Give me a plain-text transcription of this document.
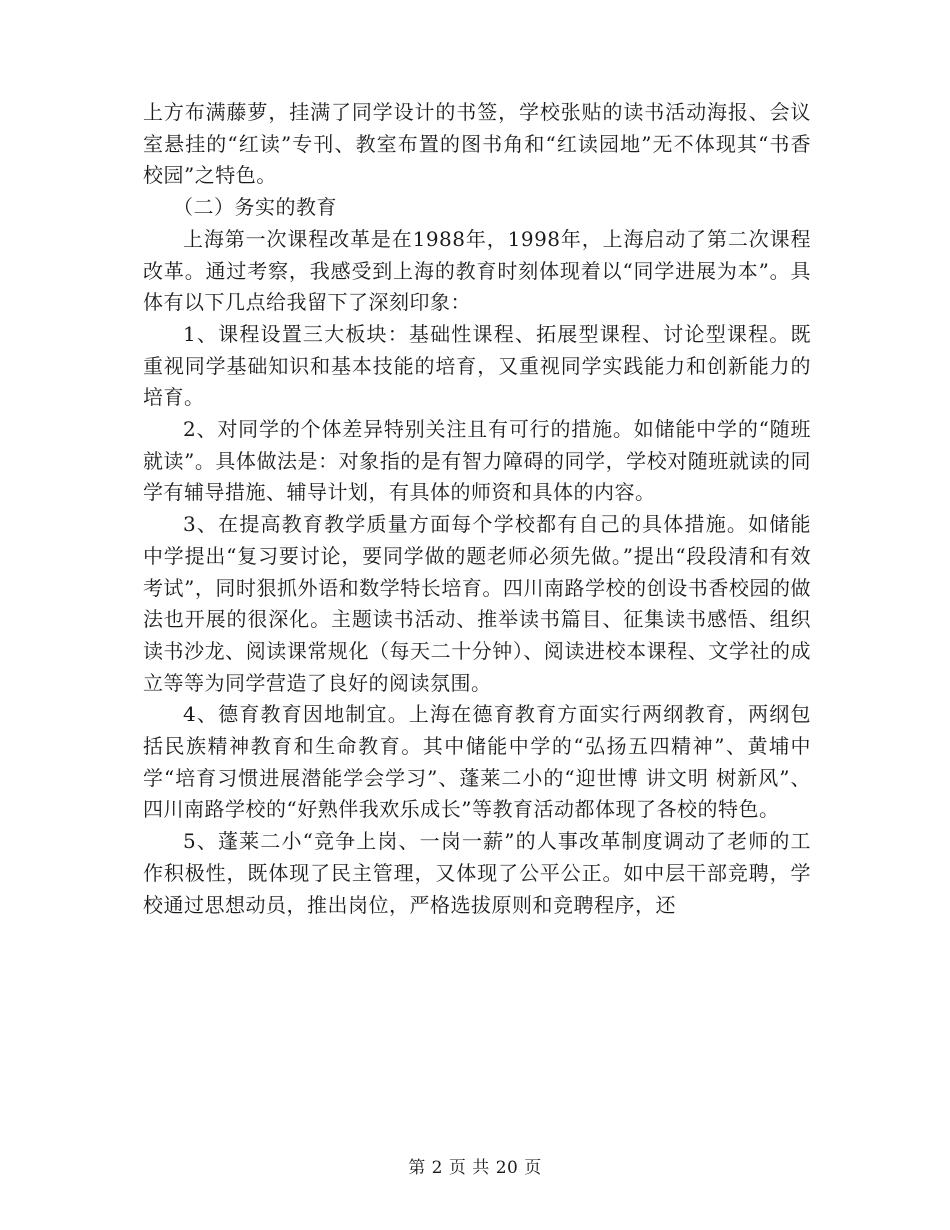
上方布满藤萝，挂满了同学设计的书签，学校张贴的读书活动海报、会议室悬挂的“红读”专刊、教室布置的图书角和“红读园地”无不体现其“书香校园”之特色。

（二）务实的教育

上海第一次课程改革是在1988年，1998年，上海启动了第二次课程改革。通过考察，我感受到上海的教育时刻体现着以“同学进展为本”。具体有以下几点给我留下了深刻印象：

1、课程设置三大板块：基础性课程、拓展型课程、讨论型课程。既重视同学基础知识和基本技能的培育，又重视同学实践能力和创新能力的培育。

2、对同学的个体差异特别关注且有可行的措施。如储能中学的“随班就读”。具体做法是：对象指的是有智力障碍的同学，学校对随班就读的同学有辅导措施、辅导计划，有具体的师资和具体的内容。

3、在提高教育教学质量方面每个学校都有自己的具体措施。如储能中学提出“复习要讨论，要同学做的题老师必须先做。”提出“段段清和有效考试”，同时狠抓外语和数学特长培育。四川南路学校的创设书香校园的做法也开展的很深化。主题读书活动、推举读书篇目、征集读书感悟、组织读书沙龙、阅读课常规化（每天二十分钟）、阅读进校本课程、文学社的成立等等为同学营造了良好的阅读氛围。

4、德育教育因地制宜。上海在德育教育方面实行两纲教育，两纲包括民族精神教育和生命教育。其中储能中学的“弘扬五四精神”、黄埔中学“培育习惯进展潜能学会学习”、蓬莱二小的“迎世博 讲文明 树新风”、四川南路学校的“好熟伴我欢乐成长”等教育活动都体现了各校的特色。

5、蓬莱二小“竞争上岗、一岗一薪”的人事改革制度调动了老师的工作积极性，既体现了民主管理，又体现了公平公正。如中层干部竞聘，学校通过思想动员，推出岗位，严格选拔原则和竞聘程序，还

第 2 页 共 20 页
